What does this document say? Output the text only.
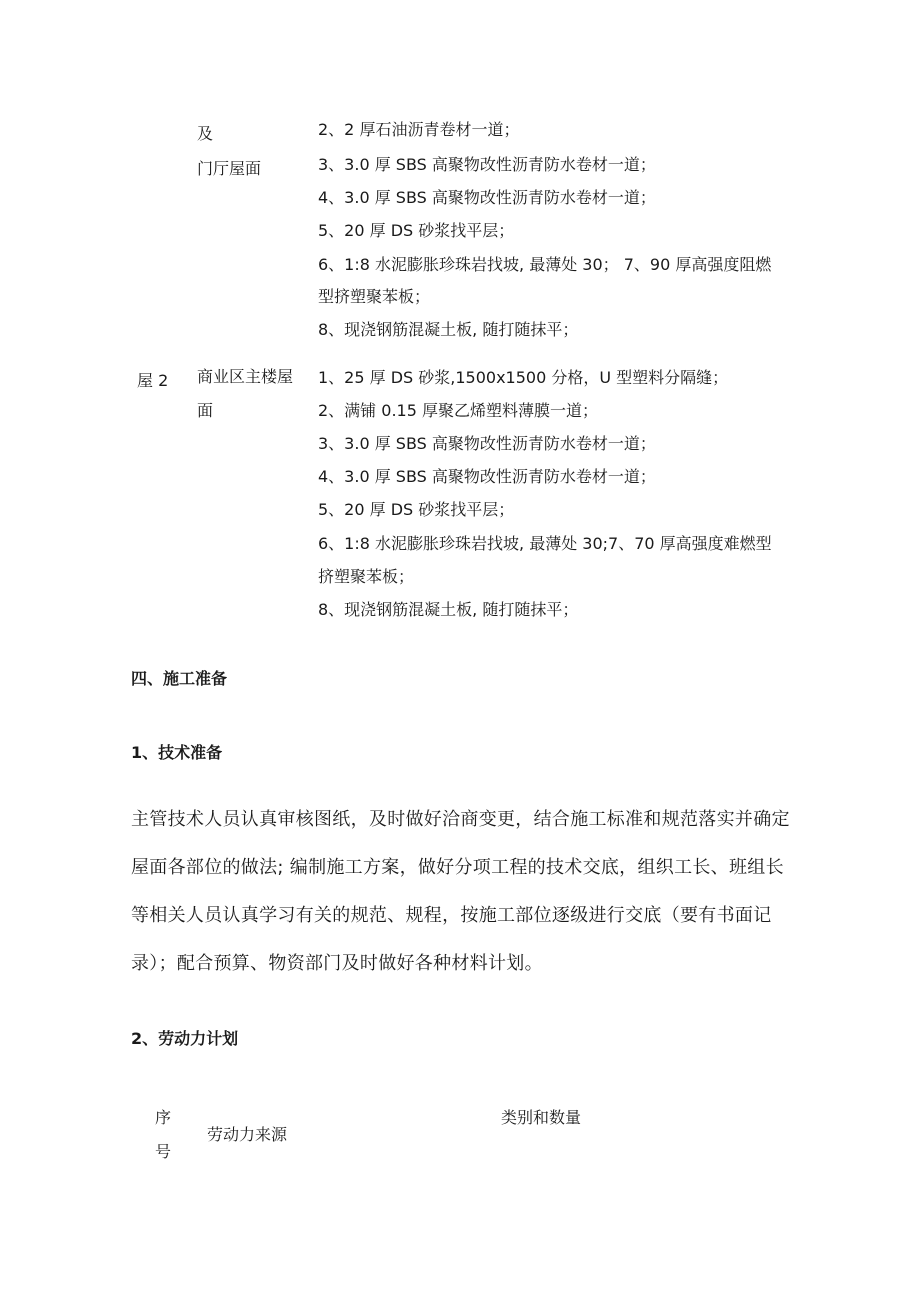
及
门厅屋面
2、2 厚石油沥青卷材一道；
3、3.0 厚 SBS 高聚物改性沥青防水卷材一道；
4、3.0 厚 SBS 高聚物改性沥青防水卷材一道；
5、20 厚 DS 砂浆找平层；
6、1:8 水泥膨胀珍珠岩找坡, 最薄处 30； 7、90 厚高强度阻燃
型挤塑聚苯板；
8、现浇钢筋混凝土板, 随打随抹平；
屋 2 商业区主楼屋
面
1、25 厚 DS 砂浆,1500x1500 分格，U 型塑料分隔缝；
2、满铺 0.15 厚聚乙烯塑料薄膜一道；
3、3.0 厚 SBS 高聚物改性沥青防水卷材一道；
4、3.0 厚 SBS 高聚物改性沥青防水卷材一道；
5、20 厚 DS 砂浆找平层；
6、1:8 水泥膨胀珍珠岩找坡, 最薄处 30;7、70 厚高强度难燃型
挤塑聚苯板；
8、现浇钢筋混凝土板, 随打随抹平；
四、施工准备
1、技术准备
主管技术人员认真审核图纸，及时做好洽商变更，结合施工标准和规范落实并确定
屋面各部位的做法; 编制施工方案，做好分项工程的技术交底，组织工长、班组长
等相关人员认真学习有关的规范、规程，按施工部位逐级进行交底（要有书面记
录）；配合预算、物资部门及时做好各种材料计划。
2、劳动力计划
序
号
劳动力来源
类别和数量
